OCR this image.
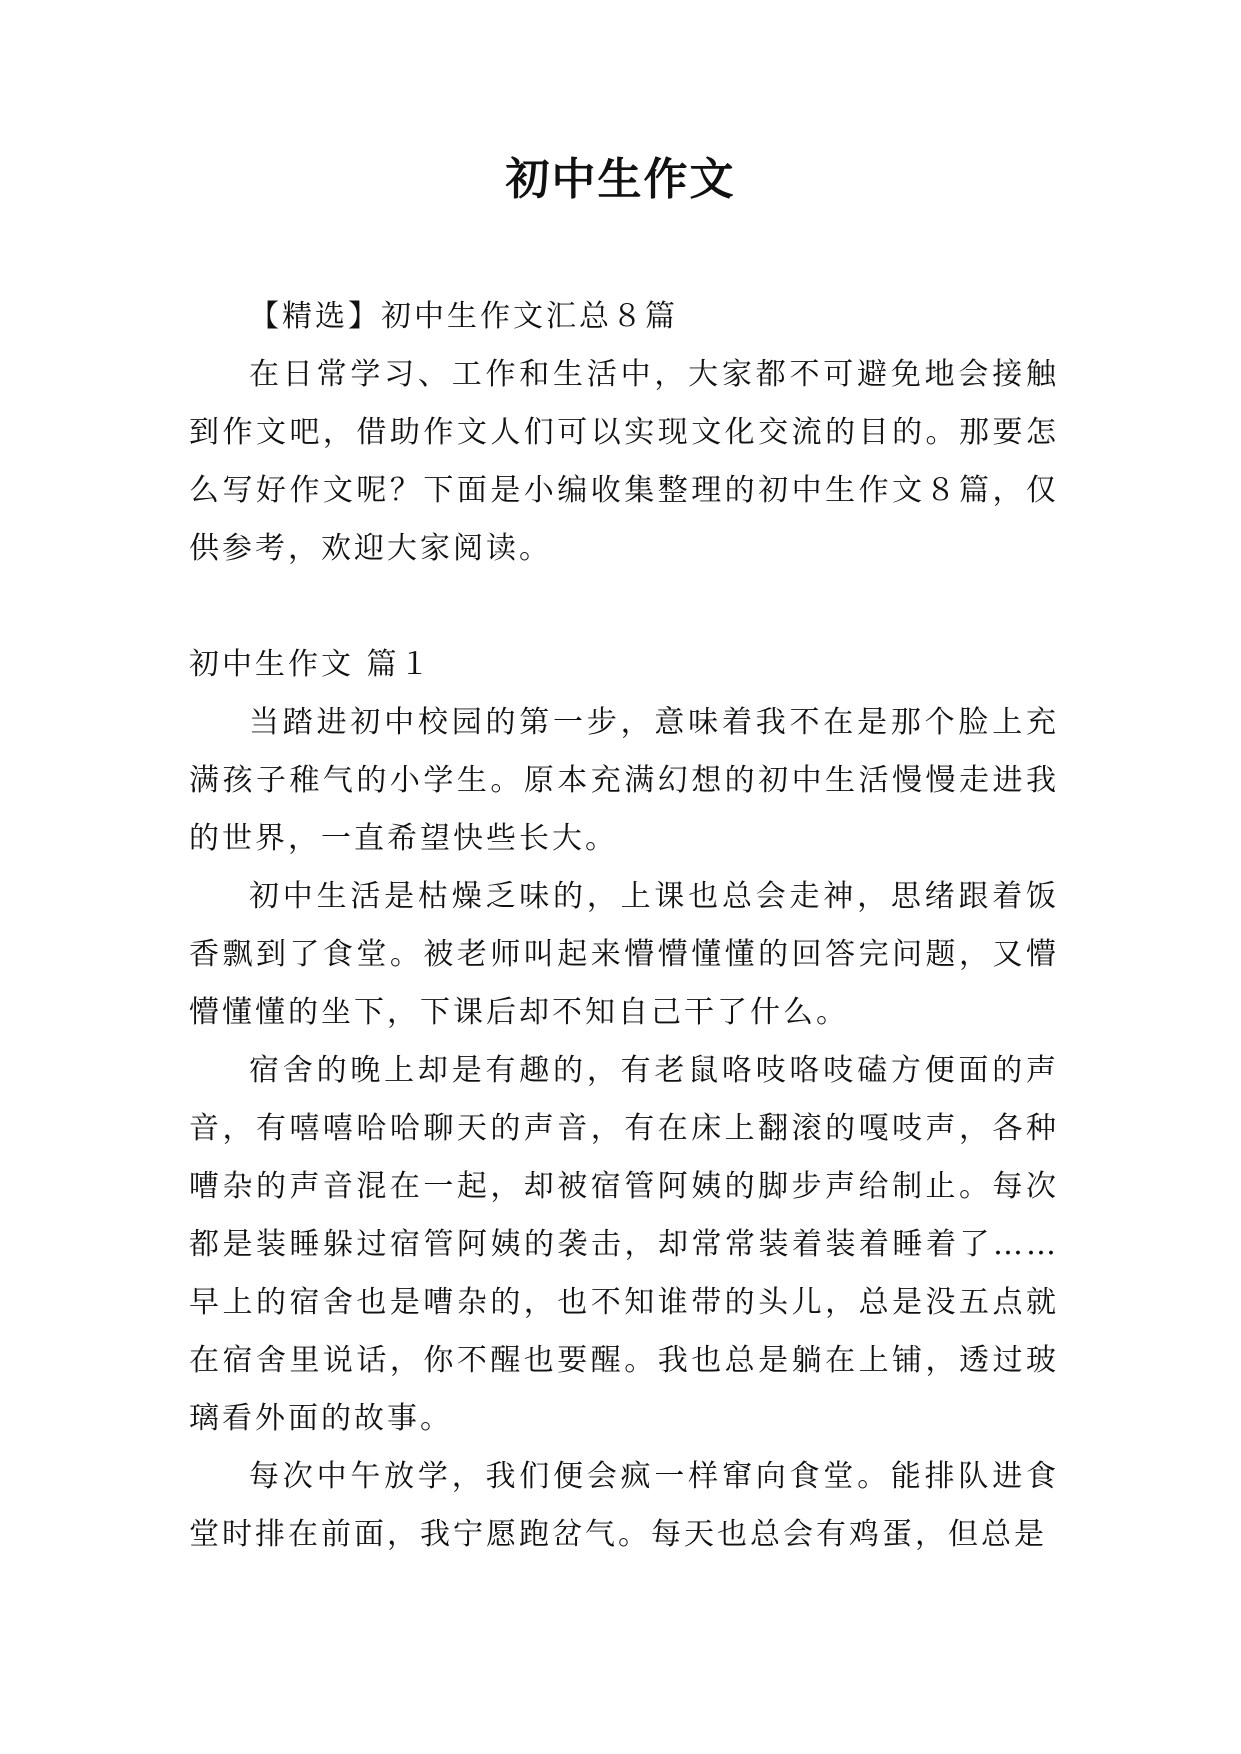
初中生作文

【精选】初中生作文汇总８篇

在日常学习、工作和生活中，大家都不可避免地会接触到作文吧，借助作文人们可以实现文化交流的目的。那要怎么写好作文呢？下面是小编收集整理的初中生作文８篇，仅供参考，欢迎大家阅读。

初中生作文 篇１

当踏进初中校园的第一步，意味着我不在是那个脸上充满孩子稚气的小学生。原本充满幻想的初中生活慢慢走进我的世界，一直希望快些长大。

初中生活是枯燥乏味的，上课也总会走神，思绪跟着饭香飘到了食堂。被老师叫起来懵懵懂懂的回答完问题，又懵懵懂懂的坐下，下课后却不知自己干了什么。

宿舍的晚上却是有趣的，有老鼠咯吱咯吱磕方便面的声音，有嘻嘻哈哈聊天的声音，有在床上翻滚的嘎吱声，各种嘈杂的声音混在一起，却被宿管阿姨的脚步声给制止。每次都是装睡躲过宿管阿姨的袭击，却常常装着装着睡着了……早上的宿舍也是嘈杂的，也不知谁带的头儿，总是没五点就在宿舍里说话，你不醒也要醒。我也总是躺在上铺，透过玻璃看外面的故事。

每次中午放学，我们便会疯一样窜向食堂。能排队进食堂时排在前面，我宁愿跑岔气。每天也总会有鸡蛋，但总是
